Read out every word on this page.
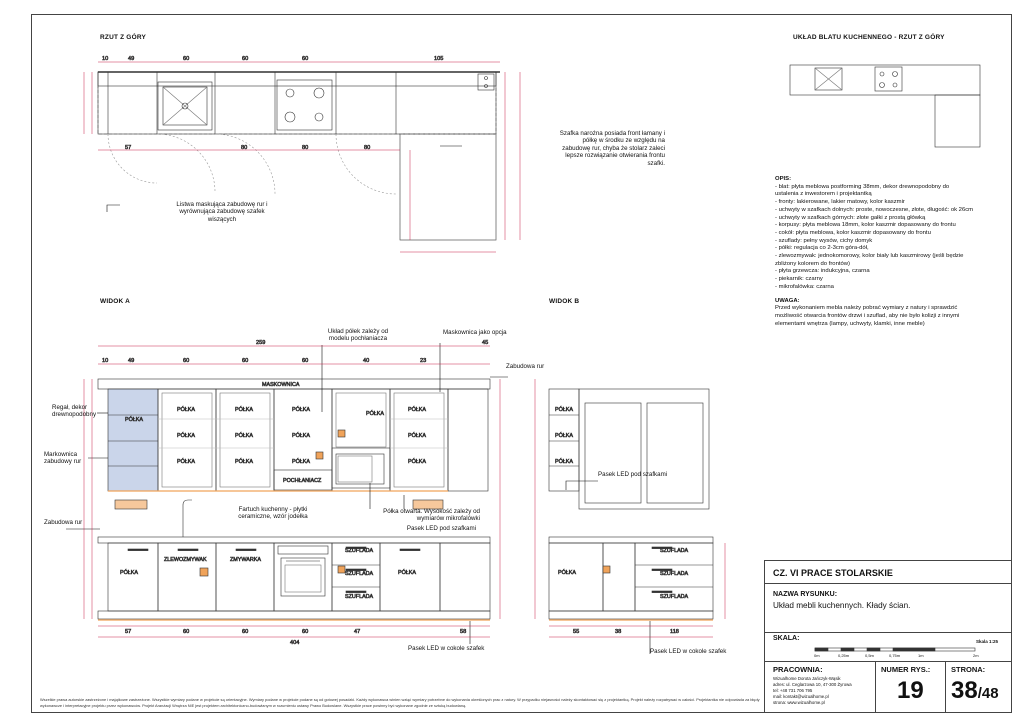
RZUT Z GÓRY	UKŁAD BLATU KUCHENNEGO - RZUT Z GÓRY
WIDOK A	WIDOK B
10	49	60	60	60	105
57	80	80	80
10	49	60	60	60	40	23
259	45
57	60	60	60	47	58
404
MASKOWNICA
PÓŁKA
PÓŁKA
PÓŁKA
PÓŁKA
PÓŁKA
PÓŁKA
PÓŁKA
PÓŁKA
PÓŁKA
PÓŁKA
PÓŁKA
PÓŁKA
PÓŁKA
PÓŁKA
POCHŁANIACZ
PÓŁKA
ZLEWOZMYWAK	ZMYWARKA
SZUFLADA
SZUFLADA
SZUFLADA
PÓŁKA
PÓŁKA
PÓŁKA
PÓŁKA
PÓŁKA
SZUFLADA
SZUFLADA
SZUFLADA
55	38	118
Szafka narożna posiada front łamany i półkę w środku ze względu na zabudowę rur, chyba że stolarz zaleci lepsze rozwiązanie otwierania frontu szafki.
Listwa maskująca zabudowę rur i wyrównująca zabudowę szafek wiszących
Układ półek zależy od modelu pochłaniacza
Maskownica jako opcja
Regał, dekor drewnopodobny
Markownica zabudowy rur
Zabudowa rur
Fartuch kuchenny - płytki ceramiczne, wzór jodełka
Półka otwarta. Wysokość zależy od wymiarów mikrofalówki
Pasek LED pod szafkami
Zabudowa rur
Pasek LED w cokole szafek
Pasek LED pod szafkami
Pasek LED w cokole szafek
OPIS:
- blat: płyta meblowa postforming 38mm, dekor drewnopodobny do
ustalenia z inwestorem i projektantką
- fronty: lakierowane, lakier matowy, kolor kaszmir
- uchwyty w szafkach dolnych: proste, nowoczesne, złote, długość: ok 26cm
- uchwyty w szafkach górnych: złote gałki z prostą główką
- korpusy: płyta meblowa 18mm, kolor kaszmir dopasowany do frontu
- cokół: płyta meblowa, kolor kaszmir dopasowany do frontu
- szuflady: pełny wysów, cichy domyk
- półki: regulacja co 2-3cm góra-dół,
- zlewozmywak: jednokomorowy, kolor biały lub kaszmirowy (jeśli będzie
zbliżony kolorem do frontów)
- płyta grzewcza: indukcyjna, czarna
- piekarnik: czarny
- mikrofalówka: czarna
UWAGA:
Przed wykonaniem mebla należy pobrać wymiary z natury i sprawdzić
możliwość otwarcia frontów drzwi i szuflad, aby nie było kolizji z innymi
elementami wnętrza (lampy, uchwyty, klamki, inne meble)
CZ. VI PRACE STOLARSKIE
NAZWA RYSUNKU:
Układ mebli kuchennych. Kłady ścian.
SKALA:	Skala 1:25
0m	0,25m	0,5m	0,75m	1m	2m
PRACOWNIA:
Wizualhome Dorota Jańczyk-Wąsik
adres: ul. Ceglarzowa 10, 47-300 Żyrowa
tel: +48 731 706 795
mail: kontakt@wizualhome.pl
strona: www.wizualhome.pl
NUMER RYS.:
19
STRONA:
38/48
Wszelkie prawa autorskie zastrzeżone i majątkowe zastrzeżone. Wszystkie wymiary podane w projekcie są orientacyjne. Wymiary podane w projekcie podane są od gotowej posadzki. Każdy wykonawca winien wziąć wymiary potrzebne do wykonania określonych prac z natury. W przypadku niejasności należy skontaktować się z projektantką. Projekt należy rozpatrywać w całości. Projektantka nie odpowiada za błędy wykonawcze i interpretacyjne projektu przez wykonawców. Projekt Aranżacji Wnętrza NIE jest projektem architektoniczno-budowlanym w rozumieniu ustawy Prawo Budowlane. Wszystkie prace powinny być wykonane zgodnie ze sztuką budowlaną.
